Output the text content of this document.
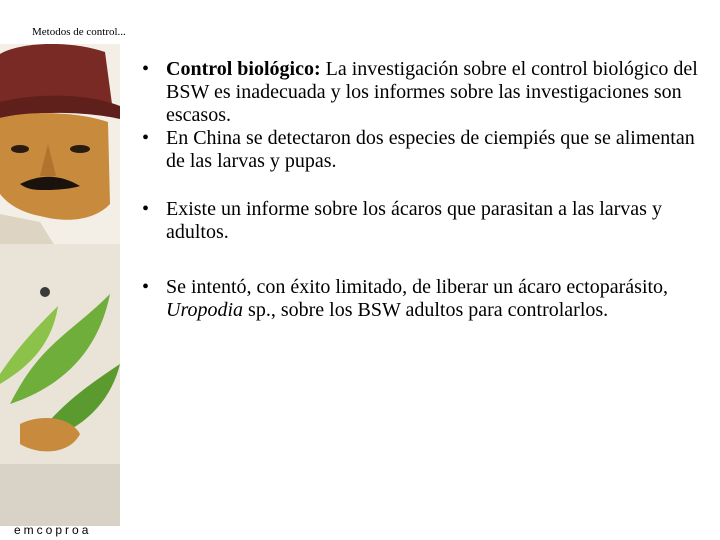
Metodos de control...
• Control biológico: La investigación sobre el control biológico del BSW es inadecuada y los informes sobre las investigaciones son escasos.
• En China se detectaron dos especies de ciempiés que se alimentan de las larvas y pupas.
• Existe un informe sobre los ácaros que parasitan a las larvas y adultos.
• Se intentó, con éxito limitado, de liberar un ácaro ectoparásito, Uropodia sp., sobre los BSW adultos para controlarlos.
emcoproa
